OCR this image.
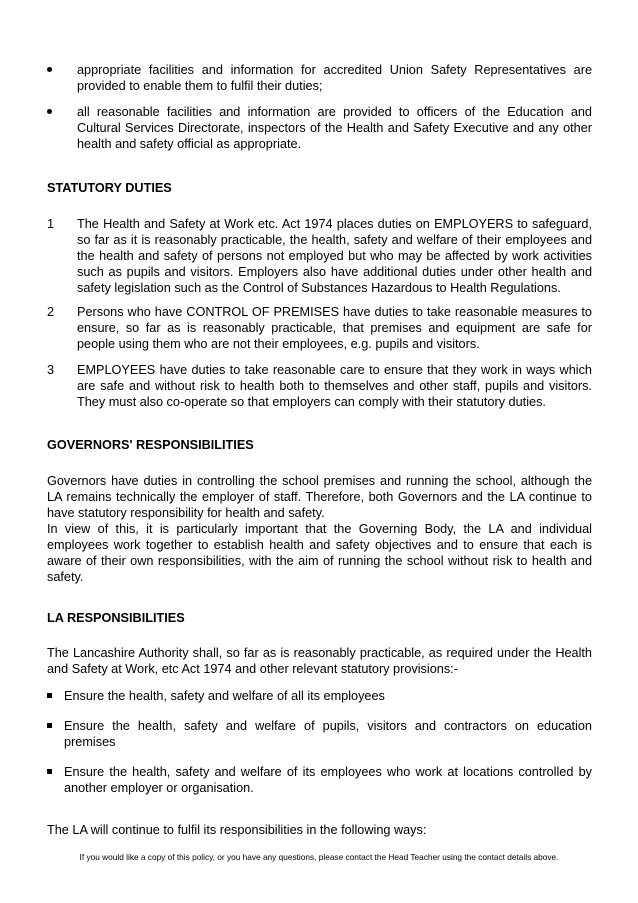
appropriate facilities and information for accredited Union Safety Representatives are provided to enable them to fulfil their duties;
all reasonable facilities and information are provided to officers of the Education and Cultural Services Directorate, inspectors of the Health and Safety Executive and any other health and safety official as appropriate.
STATUTORY DUTIES
1	The Health and Safety at Work etc. Act 1974 places duties on EMPLOYERS to safeguard, so far as it is reasonably practicable, the health, safety and welfare of their employees and the health and safety of persons not employed but who may be affected by work activities such as pupils and visitors. Employers also have additional duties under other health and safety legislation such as the Control of Substances Hazardous to Health Regulations.
2	Persons who have CONTROL OF PREMISES have duties to take reasonable measures to ensure, so far as is reasonably practicable, that premises and equipment are safe for people using them who are not their employees, e.g. pupils and visitors.
3	EMPLOYEES have duties to take reasonable care to ensure that they work in ways which are safe and without risk to health both to themselves and other staff, pupils and visitors. They must also co-operate so that employers can comply with their statutory duties.
GOVERNORS' RESPONSIBILITIES
Governors have duties in controlling the school premises and running the school, although the LA remains technically the employer of staff. Therefore, both Governors and the LA continue to have statutory responsibility for health and safety.
In view of this, it is particularly important that the Governing Body, the LA and individual employees work together to establish health and safety objectives and to ensure that each is aware of their own responsibilities, with the aim of running the school without risk to health and safety.
LA RESPONSIBILITIES
The Lancashire Authority shall, so far as is reasonably practicable, as required under the Health and Safety at Work, etc Act 1974 and other relevant statutory provisions:-
Ensure the health, safety and welfare of all its employees
Ensure the health, safety and welfare of pupils, visitors and contractors on education premises
Ensure the health, safety and welfare of its employees who work at locations controlled by another employer or organisation.
The LA will continue to fulfil its responsibilities in the following ways:
If you would like a copy of this policy, or you have any questions, please contact the Head Teacher using the contact details above.
